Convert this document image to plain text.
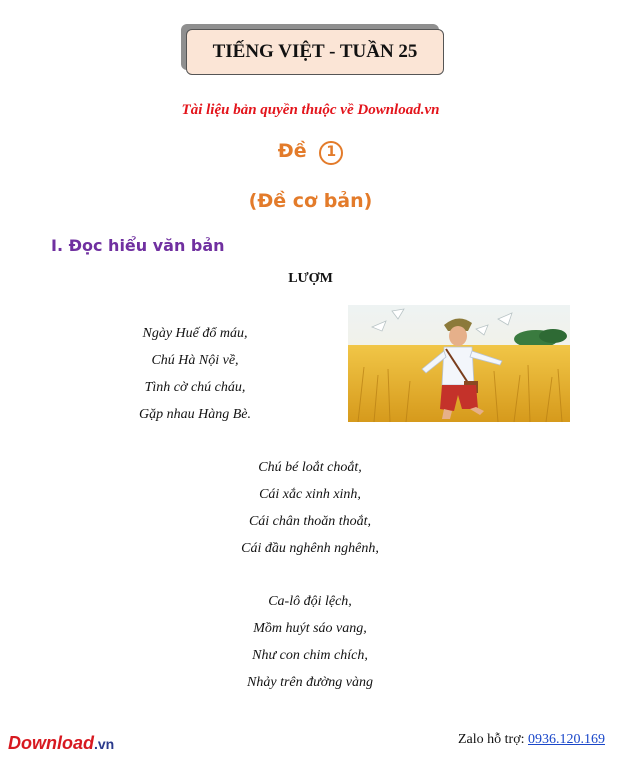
TIẾNG VIỆT - TUẦN 25
Tài liệu bản quyền thuộc về Download.vn
Đề 1
(Đề cơ bản)
I. Đọc hiểu văn bản
LƯỢM
Ngày Huế đổ máu,
Chú Hà Nội về,
Tình cờ chú cháu,
Gặp nhau Hàng Bè.
Chú bé loắt choắt,
Cái xắc xinh xinh,
Cái chân thoăn thoắt,
Cái đầu nghênh nghênh,
Ca-lô đội lệch,
Mồm huýt sáo vang,
Như con chim chích,
Nhảy trên đường vàng
Download.vn	Zalo hỗ trợ: 0936.120.169
